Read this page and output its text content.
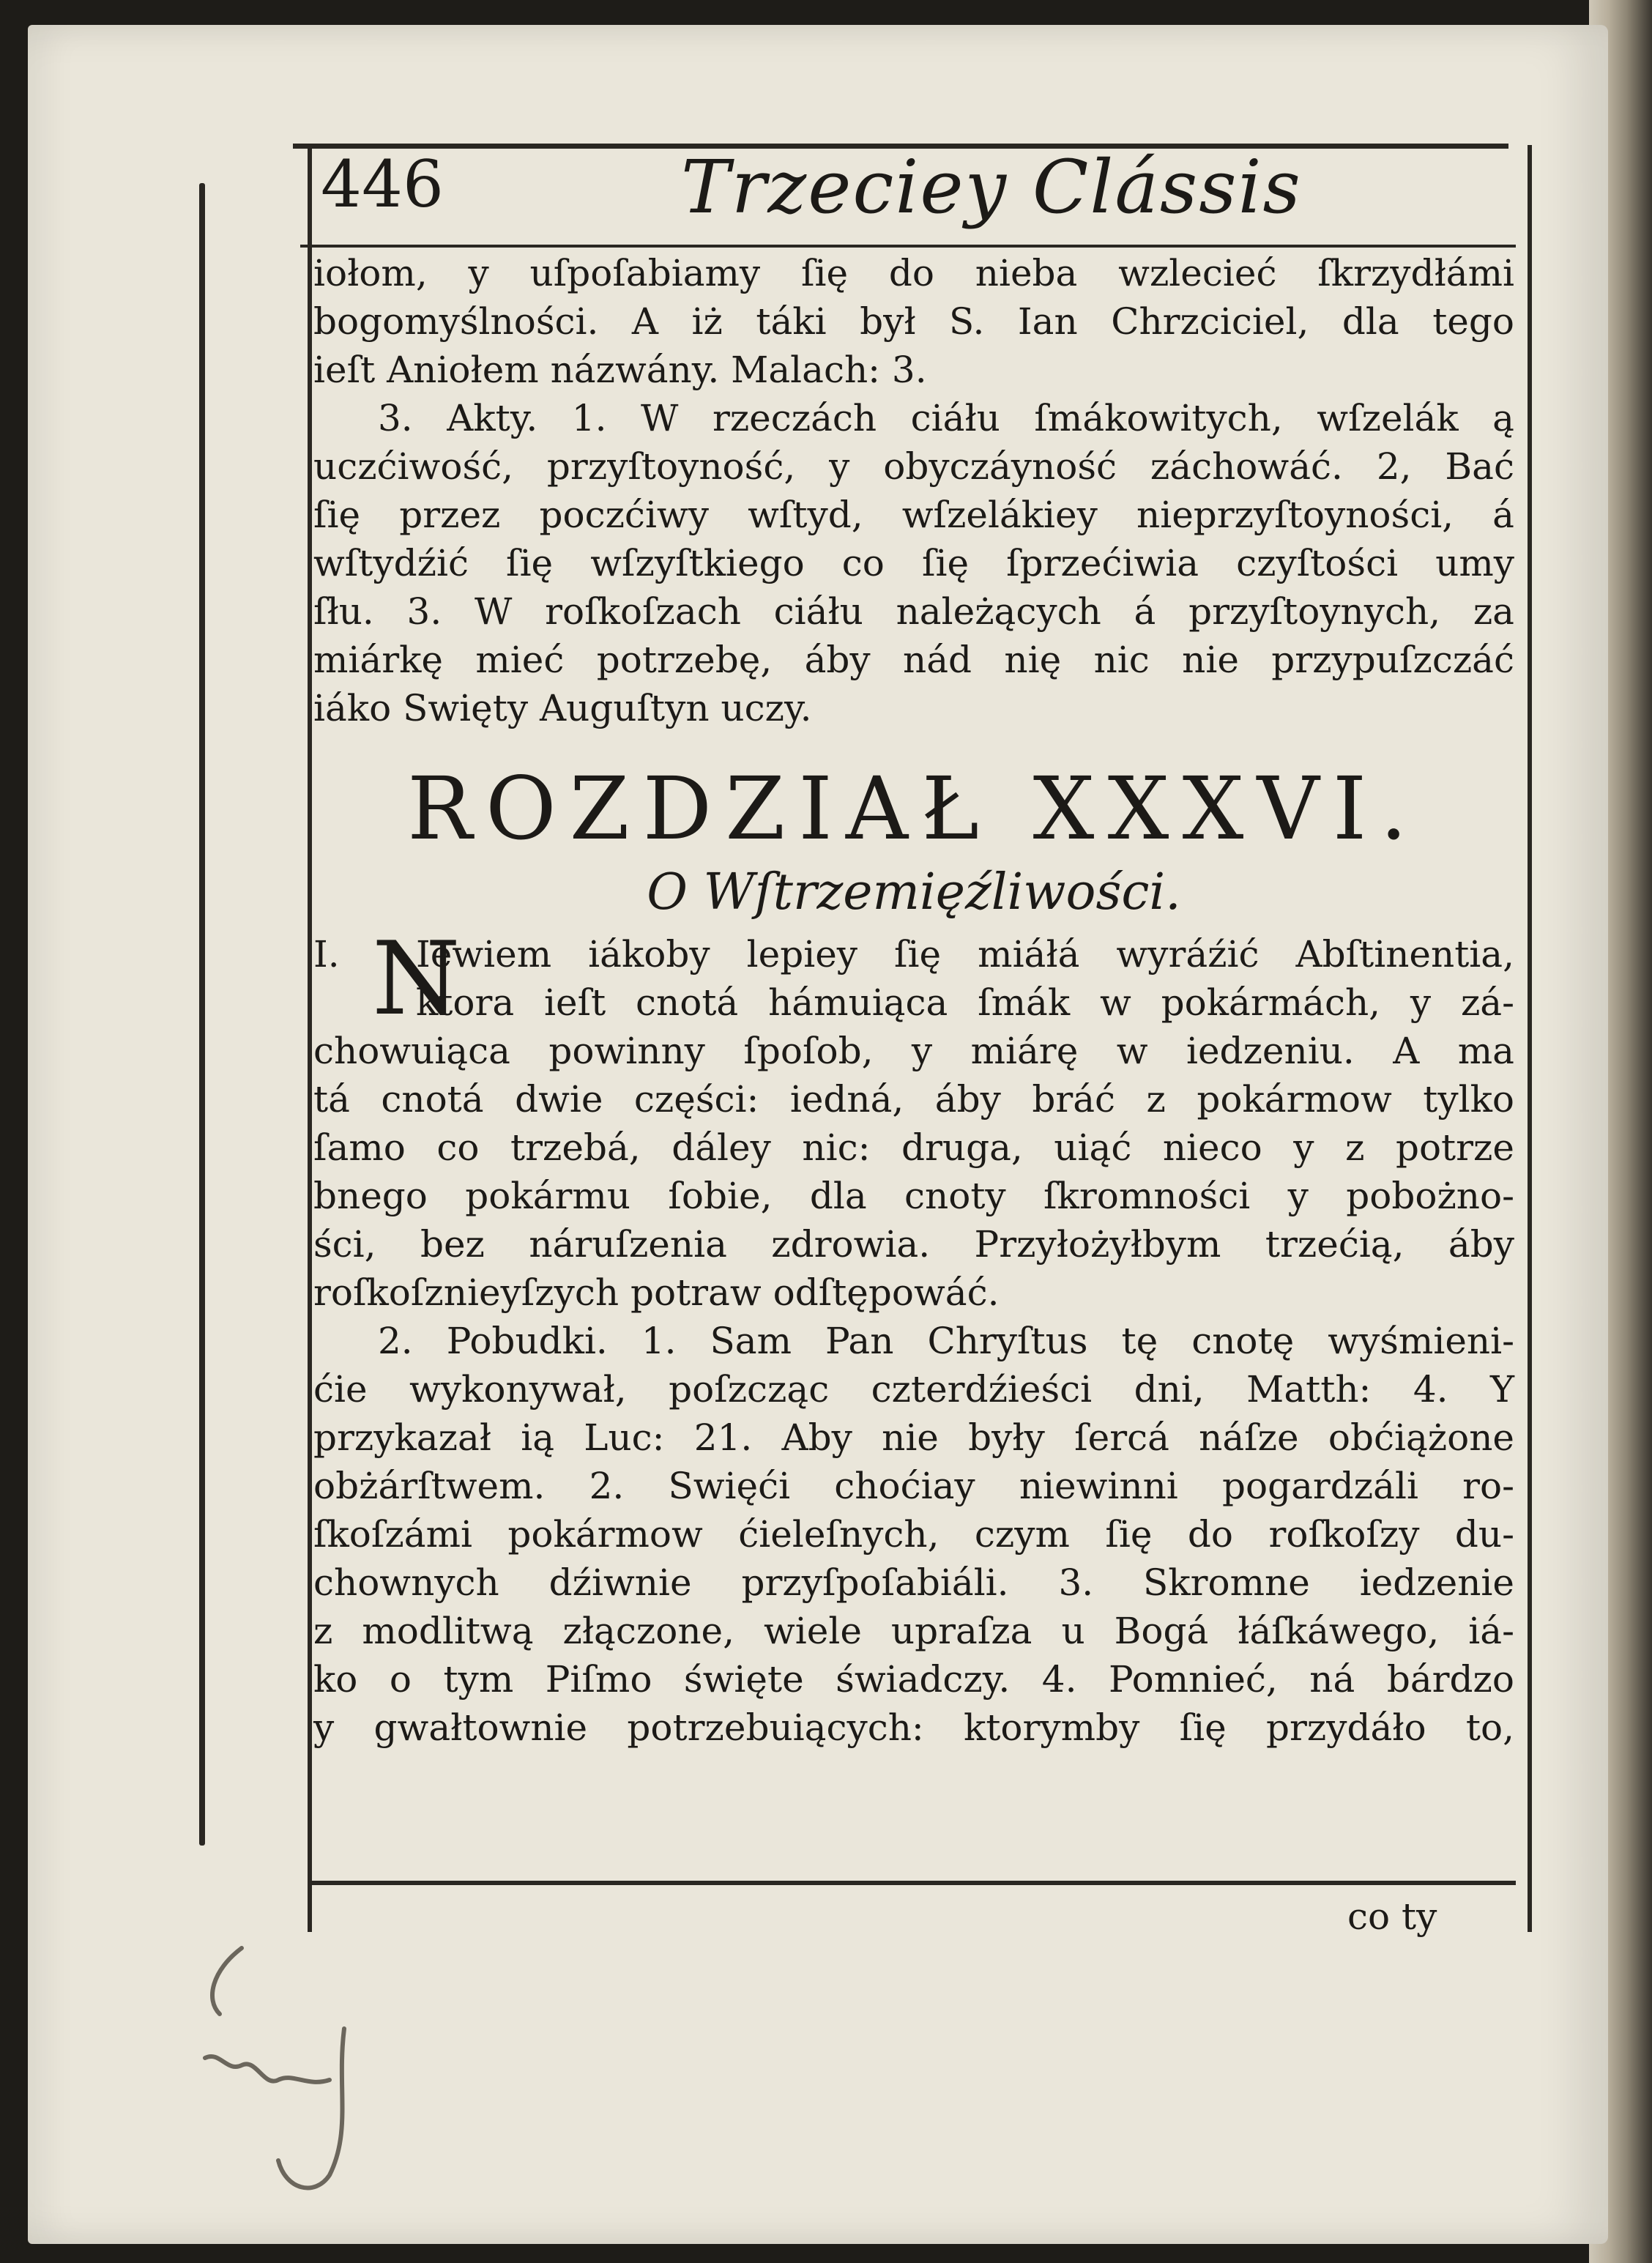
446	Trzeciey Clássis
iołom, y uſpoſabiamy ſię do nieba wzlecieć ſkrzydłámi
bogomyślności. A iż táki był S. Ian Chrzciciel, dla tego
ieſt Aniołem názwány. Malach: 3.
3. Akty. 1. W rzeczách ciáłu ſmákowitych, wſzelák ą
uczćiwość, przyſtoyność, y obyczáyność záchowáć. 2, Bać
ſię przez poczćiwy wſtyd, wſzelákiey nieprzyſtoyności, á
wſtydźić ſię wſzyſtkiego co ſię ſprzećiwia czyſtości umy
ſłu. 3. W roſkoſzach ciáłu należących á przyſtoynych, za
miárkę mieć potrzebę, áby nád nię nic nie przypuſzczáć
iáko Swięty Auguſtyn uczy.
ROZDZIAŁ XXXVI.
O Wſtrzemięźliwości.
I. N
Iewiem iákoby lepiey ſię miáłá wyráźić Abſtinentia,
ktora ieſt cnotá hámuiąca ſmák w pokármách, y zá-
chowuiąca powinny ſpoſob, y miárę w iedzeniu. A ma
tá cnotá dwie części: iedná, áby bráć z pokármow tylko
ſamo co trzebá, dáley nic: druga, uiąć nieco y z potrze
bnego pokármu ſobie, dla cnoty ſkromności y pobożno-
ści, bez náruſzenia zdrowia. Przyłożyłbym trzećią, áby
roſkoſznieyſzych potraw odſtępowáć.
2. Pobudki. 1. Sam Pan Chryſtus tę cnotę wyśmieni-
ćie wykonywał, poſzcząc czterdźieści dni, Matth: 4. Y
przykazał ią Luc: 21. Aby nie były ſercá náſze obćiążone
obżárſtwem. 2. Swięći choćiay niewinni pogardzáli ro-
ſkoſzámi pokármow ćieleſnych, czym ſię do roſkoſzy du-
chownych dźiwnie przyſpoſabiáli. 3. Skromne iedzenie
z modlitwą złączone, wiele upraſza u Bogá łáſkáwego, iá-
ko o tym Piſmo święte świadczy. 4. Pomnieć, ná bárdzo
y gwałtownie potrzebuiących: ktorymby ſię przydáło to,
co ty
